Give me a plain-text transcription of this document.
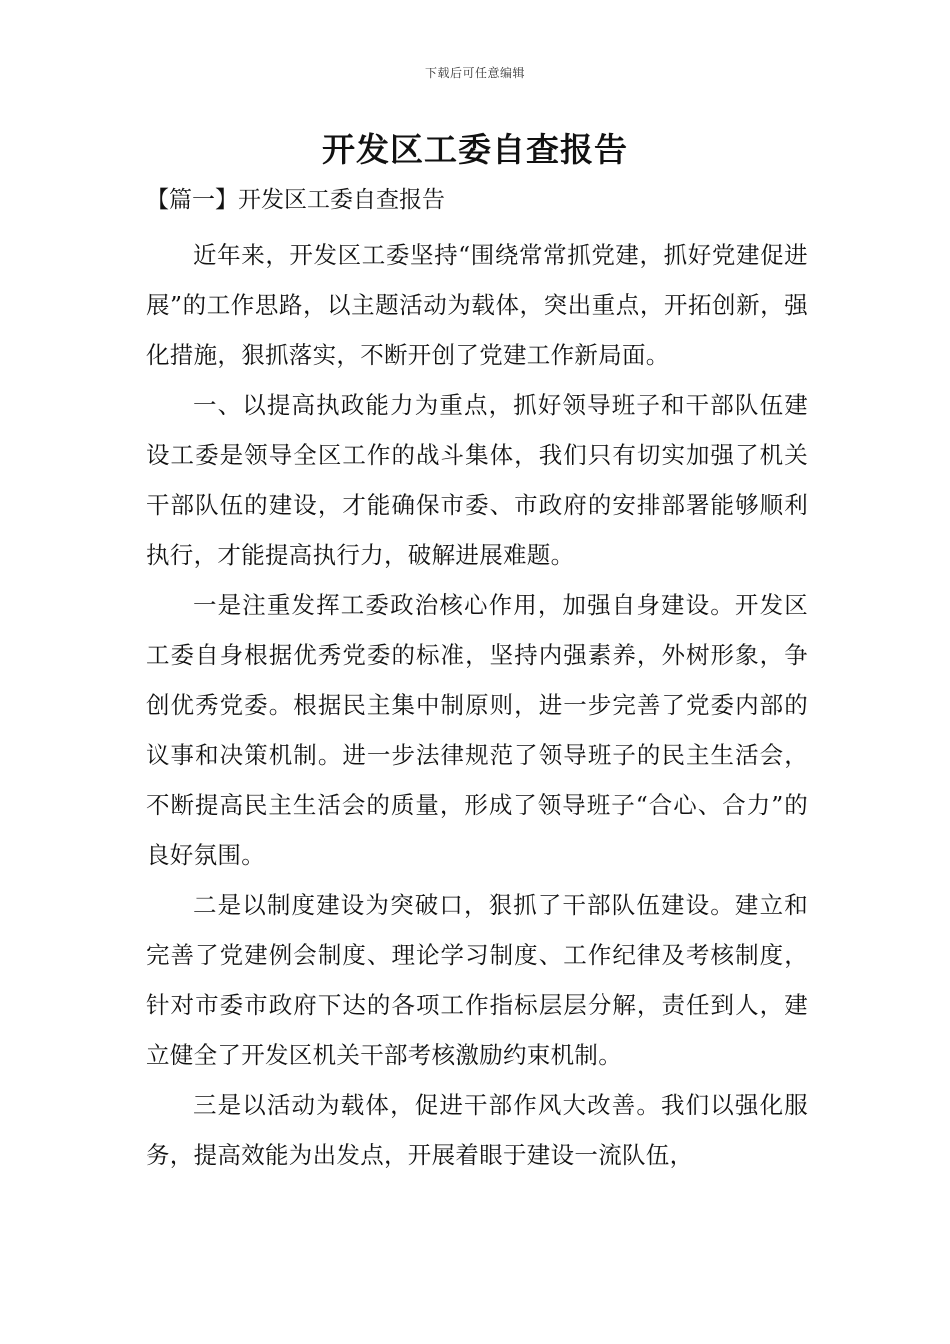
下载后可任意编辑
开发区工委自查报告
【篇一】开发区工委自查报告

近年来，开发区工委坚持“围绕常常抓党建，抓好党建促进展”的工作思路，以主题活动为载体，突出重点，开拓创新，强化措施，狠抓落实，不断开创了党建工作新局面。

一、以提高执政能力为重点，抓好领导班子和干部队伍建设工委是领导全区工作的战斗集体，我们只有切实加强了机关干部队伍的建设，才能确保市委、市政府的安排部署能够顺利执行，才能提高执行力，破解进展难题。

一是注重发挥工委政治核心作用，加强自身建设。开发区工委自身根据优秀党委的标准，坚持内强素养，外树形象，争创优秀党委。根据民主集中制原则，进一步完善了党委内部的议事和决策机制。进一步法律规范了领导班子的民主生活会，不断提高民主生活会的质量，形成了领导班子“合心、合力”的良好氛围。

二是以制度建设为突破口，狠抓了干部队伍建设。建立和完善了党建例会制度、理论学习制度、工作纪律及考核制度，针对市委市政府下达的各项工作指标层层分解，责任到人，建立健全了开发区机关干部考核激励约束机制。

三是以活动为载体，促进干部作风大改善。我们以强化服务，提高效能为出发点，开展着眼于建设一流队伍，
